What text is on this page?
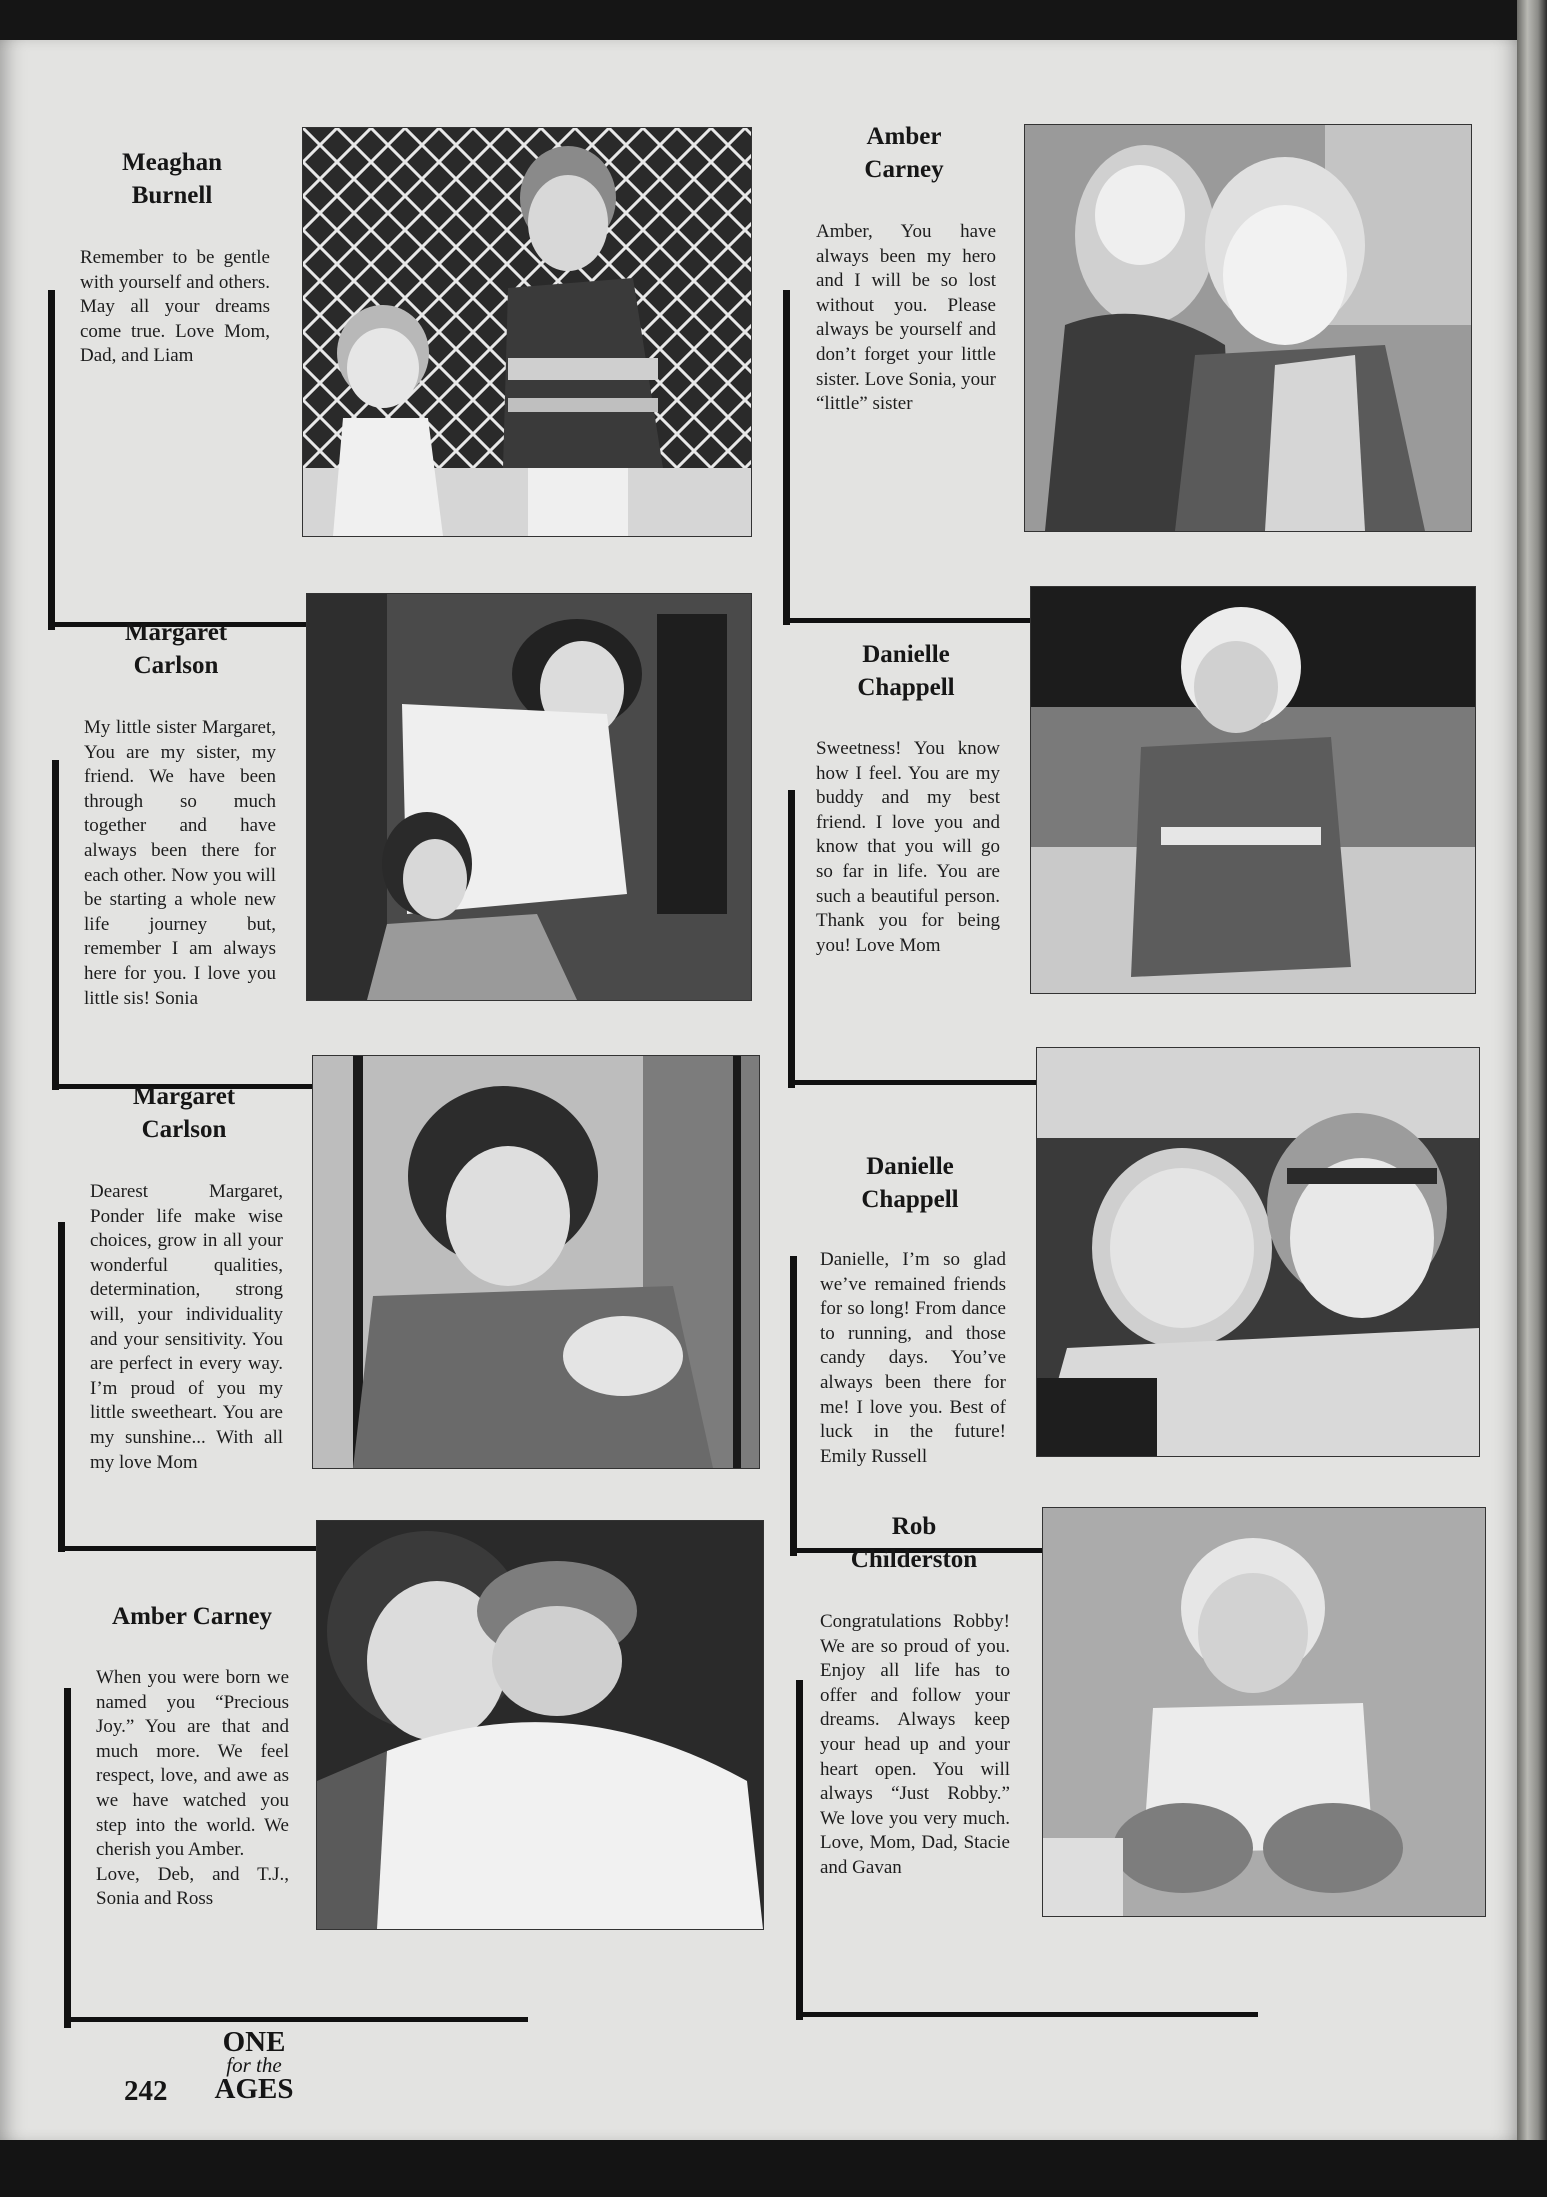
Meaghan
Burnell
Remember to be gentle with yourself and others. May all your dreams come true. Love Mom, Dad, and Liam
Amber
Carney
Amber, You have always been my hero and I will be so lost without you. Please always be yourself and don’t forget your little sister. Love Sonia, your “little” sister
Margaret
Carlson
My little sister Margaret, You are my sister, my friend. We have been through so much together and have always been there for each other. Now you will be starting a whole new life journey but, remember I am always here for you. I love you little sis! Sonia
Danielle
Chappell
Sweetness! You know how I feel. You are my buddy and my best friend. I love you and know that you will go so far in life. You are such a beautiful person. Thank you for being you! Love Mom
Margaret
Carlson
Dearest Margaret, Ponder life make wise choices, grow in all your wonderful qualities, determination, strong will, your individuality and your sensitivity. You are perfect in every way. I’m proud of you my little sweetheart. You are my sunshine... With all my love Mom
Danielle
Chappell
Danielle, I’m so glad we’ve remained friends for so long! From dance to running, and those candy days. You’ve always been there for me! I love you. Best of luck in the future! Emily Russell
Amber Carney
When you were born we named you “Precious Joy.” You are that and much more. We feel respect, love, and awe as we have watched you step into the world. We cherish you Amber.
Love, Deb, and T.J., Sonia and Ross
Rob
Childerston
Congratulations Robby! We are so proud of you. Enjoy all life has to offer and follow your dreams. Always keep your head up and your heart open. You will always “Just Robby.” We love you very much. Love, Mom, Dad, Stacie and Gavan
242
ONE
for the
AGES
